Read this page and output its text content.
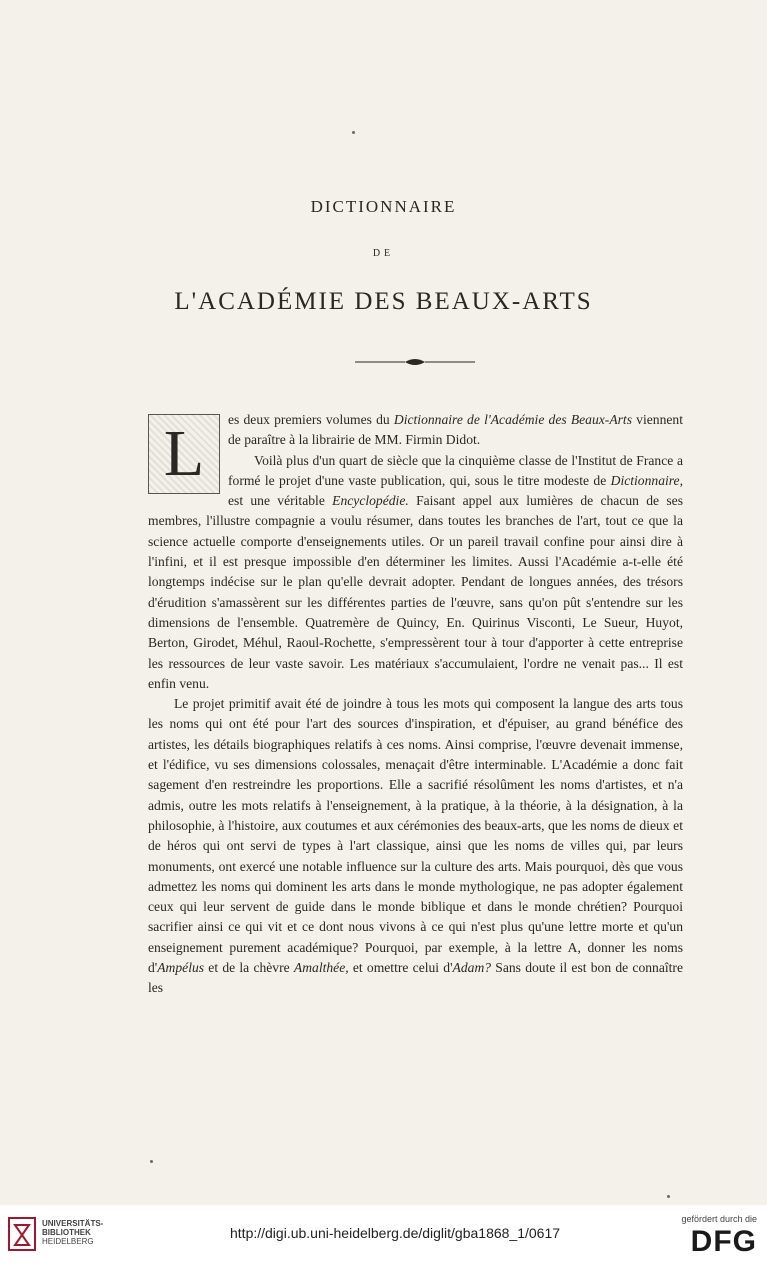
DICTIONNAIRE
DE
L'ACADÉMIE DES BEAUX-ARTS
L	es deux premiers volumes du Dictionnaire de l'Académie des Beaux-Arts viennent de paraître à la librairie de MM. Firmin Didot.

Voilà plus d'un quart de siècle que la cinquième classe de l'Institut de France a formé le projet d'une vaste publication, qui, sous le titre modeste de Dictionnaire, est une véritable Encyclopédie. Faisant appel aux lumières de chacun de ses membres, l'illustre compagnie a voulu résumer, dans toutes les branches de l'art, tout ce que la science actuelle comporte d'enseignements utiles. Or un pareil travail confine pour ainsi dire à l'infini, et il est presque impossible d'en déterminer les limites. Aussi l'Académie a-t-elle été longtemps indécise sur le plan qu'elle devrait adopter. Pendant de longues années, des trésors d'érudition s'amassèrent sur les différentes parties de l'œuvre, sans qu'on pût s'entendre sur les dimensions de l'ensemble. Quatremère de Quincy, En. Quirinus Visconti, Le Sueur, Huyot, Berton, Girodet, Méhul, Raoul-Rochette, s'empressèrent tour à tour d'apporter à cette entreprise les ressources de leur vaste savoir. Les matériaux s'accumulaient, l'ordre ne venait pas... Il est enfin venu.

Le projet primitif avait été de joindre à tous les mots qui composent la langue des arts tous les noms qui ont été pour l'art des sources d'inspiration, et d'épuiser, au grand bénéfice des artistes, les détails biographiques relatifs à ces noms. Ainsi comprise, l'œuvre devenait immense, et l'édifice, vu ses dimensions colossales, menaçait d'être interminable. L'Académie a donc fait sagement d'en restreindre les proportions. Elle a sacrifié résolûment les noms d'artistes, et n'a admis, outre les mots relatifs à l'enseignement, à la pratique, à la théorie, à la désignation, à la philosophie, à l'histoire, aux coutumes et aux cérémonies des beaux-arts, que les noms de dieux et de héros qui ont servi de types à l'art classique, ainsi que les noms de villes qui, par leurs monuments, ont exercé une notable influence sur la culture des arts. Mais pourquoi, dès que vous admettez les noms qui dominent les arts dans le monde mythologique, ne pas adopter également ceux qui leur servent de guide dans le monde biblique et dans le monde chrétien? Pourquoi sacrifier ainsi ce qui vit et ce dont nous vivons à ce qui n'est plus qu'une lettre morte et qu'un enseignement purement académique? Pourquoi, par exemple, à la lettre A, donner les noms d'Ampélus et de la chèvre Amalthée, et omettre celui d'Adam? Sans doute il est bon de connaître les

UNIVERSITÄTS-
BIBLIOTHEK
HEIDELBERG
http://digi.ub.uni-heidelberg.de/diglit/gba1868_1/0617
gefördert durch die
DFG
